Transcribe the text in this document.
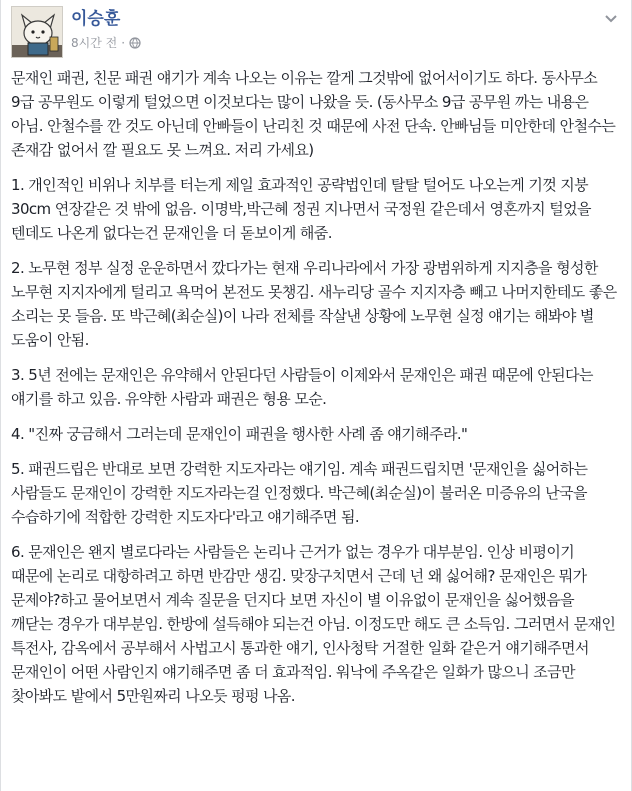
이승훈
8시간 전 ·

문재인 패권, 친문 패권 얘기가 계속 나오는 이유는 깔게 그것밖에 없어서이기도 하다. 동사무소 9급 공무원도 이렇게 털었으면 이것보다는 많이 나왔을 듯. (동사무소 9급 공무원 까는 내용은 아님. 안철수를 깐 것도 아닌데 안빠들이 난리친 것 때문에 사전 단속. 안빠님들 미안한데 안철수는 존재감 없어서 깔 필요도 못 느껴요. 저리 가세요)

1. 개인적인 비위나 치부를 터는게 제일 효과적인 공략법인데 탈탈 털어도 나오는게 기껏 지붕 30cm 연장같은 것 밖에 없음. 이명박,박근혜 정권 지나면서 국정원 같은데서 영혼까지 털었을 텐데도 나온게 없다는건 문재인을 더 돋보이게 해줌.

2. 노무현 정부 실정 운운하면서 깠다가는 현재 우리나라에서 가장 광범위하게 지지층을 형성한 노무현 지지자에게 털리고 욕먹어 본전도 못챙김. 새누리당 골수 지지자층 빼고 나머지한테도 좋은 소리는 못 들음. 또 박근혜(최순실)이 나라 전체를 작살낸 상황에 노무현 실정 얘기는 해봐야 별 도움이 안됨.

3. 5년 전에는 문재인은 유약해서 안된다던 사람들이 이제와서 문재인은 패권 때문에 안된다는 얘기를 하고 있음. 유약한 사람과 패권은 형용 모순.

4. "진짜 궁금해서 그러는데 문재인이 패권을 행사한 사례 좀 얘기해주라."

5. 패권드립은 반대로 보면 강력한 지도자라는 얘기임. 계속 패권드립치면 '문재인을 싫어하는 사람들도 문재인이 강력한 지도자라는걸 인정했다. 박근혜(최순실)이 불러온 미증유의 난국을 수습하기에 적합한 강력한 지도자다'라고 얘기해주면 됨.

6. 문재인은 왠지 별로다라는 사람들은 논리나 근거가 없는 경우가 대부분임. 인상 비평이기 때문에 논리로 대항하려고 하면 반감만 생김. 맞장구치면서 근데 넌 왜 싫어해? 문재인은 뭐가 문제야?하고 물어보면서 계속 질문을 던지다 보면 자신이 별 이유없이 문재인을 싫어했음을 깨닫는 경우가 대부분임. 한방에 설득해야 되는건 아님. 이정도만 해도 큰 소득임. 그러면서 문재인 특전사, 감옥에서 공부해서 사법고시 통과한 얘기, 인사청탁 거절한 일화 같은거 얘기해주면서 문재인이 어떤 사람인지 얘기해주면 좀 더 효과적임. 워낙에 주옥같은 일화가 많으니 조금만 찾아봐도 밭에서 5만원짜리 나오듯 펑펑 나옴.
